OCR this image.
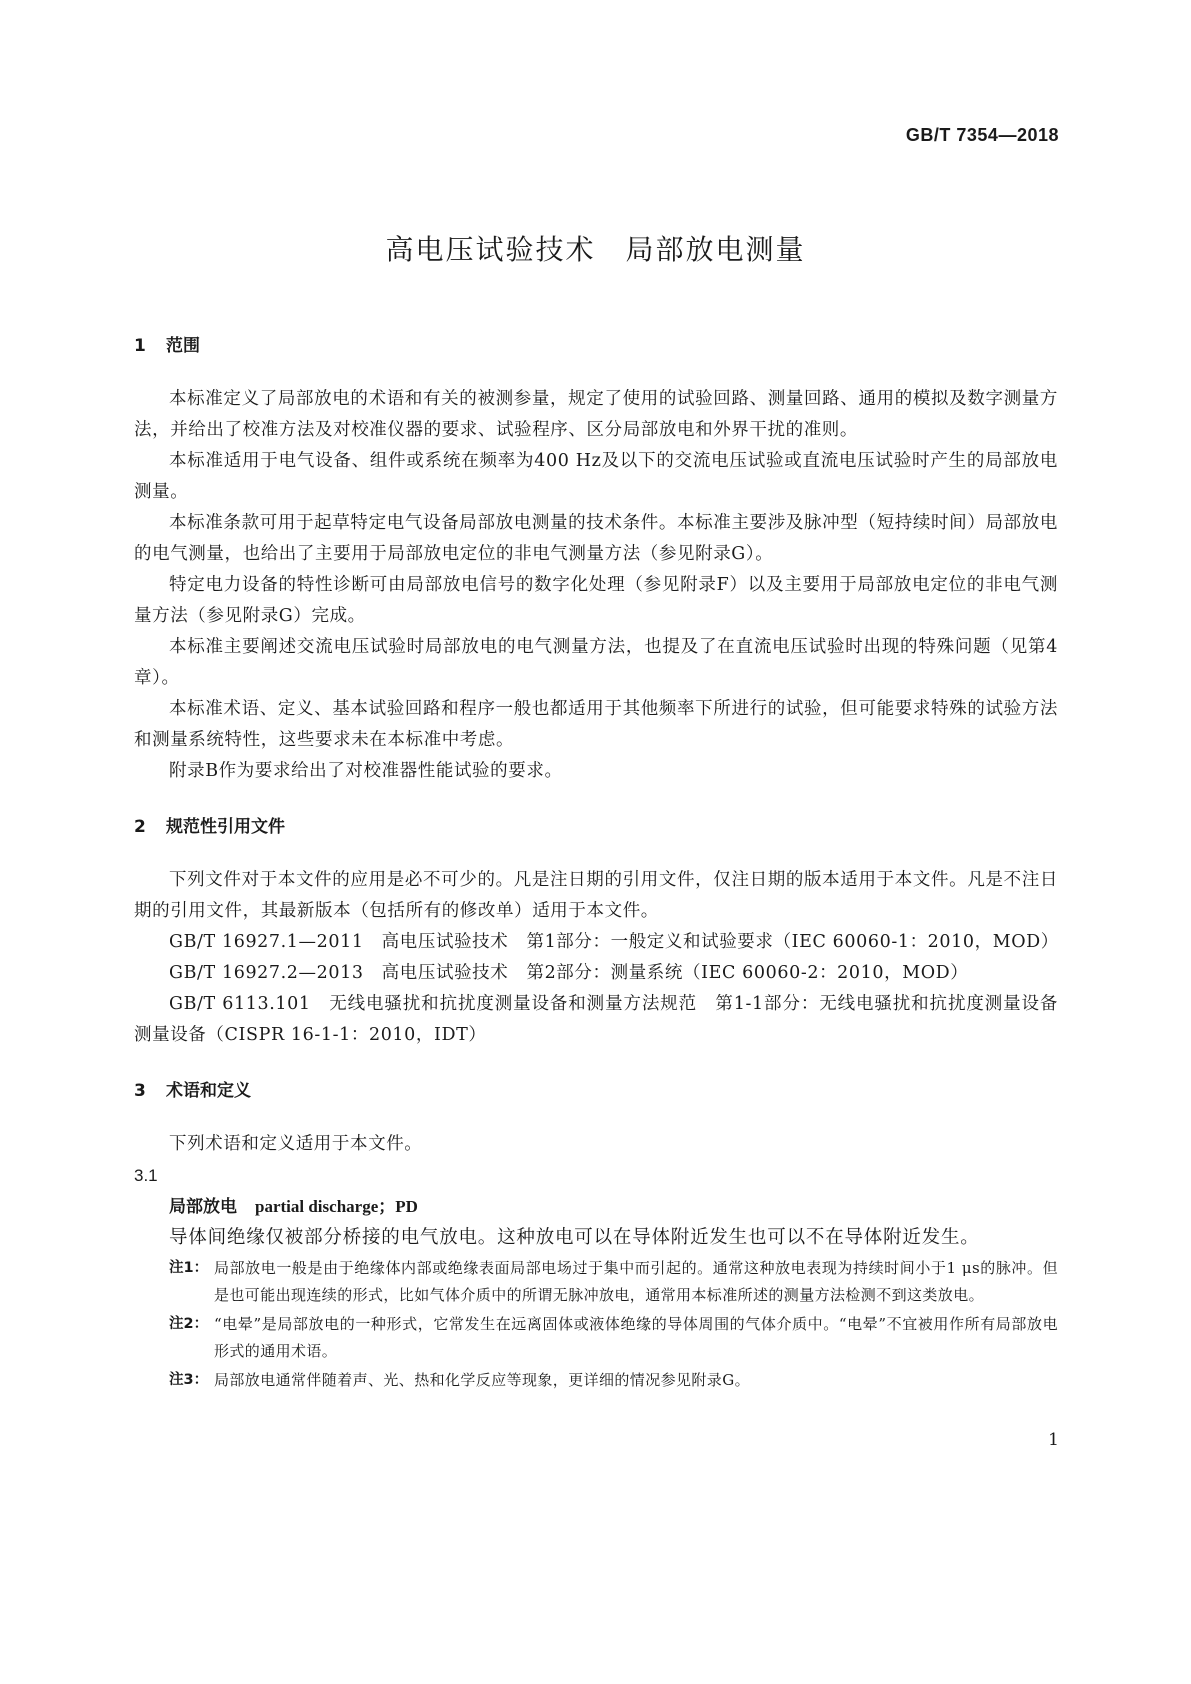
GB/T 7354—2018
高电压试验技术　局部放电测量
1 范围

本标准定义了局部放电的术语和有关的被测参量，规定了使用的试验回路、测量回路、通用的模拟及数字测量方法，并给出了校准方法及对校准仪器的要求、试验程序、区分局部放电和外界干扰的准则。

本标准适用于电气设备、组件或系统在频率为400 Hz及以下的交流电压试验或直流电压试验时产生的局部放电测量。

本标准条款可用于起草特定电气设备局部放电测量的技术条件。本标准主要涉及脉冲型（短持续时间）局部放电的电气测量，也给出了主要用于局部放电定位的非电气测量方法（参见附录G）。

特定电力设备的特性诊断可由局部放电信号的数字化处理（参见附录F）以及主要用于局部放电定位的非电气测量方法（参见附录G）完成。

本标准主要阐述交流电压试验时局部放电的电气测量方法，也提及了在直流电压试验时出现的特殊问题（见第4章）。

本标准术语、定义、基本试验回路和程序一般也都适用于其他频率下所进行的试验，但可能要求特殊的试验方法和测量系统特性，这些要求未在本标准中考虑。

附录B作为要求给出了对校准器性能试验的要求。

2 规范性引用文件

下列文件对于本文件的应用是必不可少的。凡是注日期的引用文件，仅注日期的版本适用于本文件。凡是不注日期的引用文件，其最新版本（包括所有的修改单）适用于本文件。

GB/T 16927.1—2011　高电压试验技术　第1部分：一般定义和试验要求（IEC 60060-1：2010，MOD）

GB/T 16927.2—2013　高电压试验技术　第2部分：测量系统（IEC 60060-2：2010，MOD）

GB/T 6113.101　无线电骚扰和抗扰度测量设备和测量方法规范　第1-1部分：无线电骚扰和抗扰度测量设备　测量设备（CISPR 16-1-1：2010，IDT）

3 术语和定义

下列术语和定义适用于本文件。

3.1
局部放电 partial discharge；PD

导体间绝缘仅被部分桥接的电气放电。这种放电可以在导体附近发生也可以不在导体附近发生。

注1： 局部放电一般是由于绝缘体内部或绝缘表面局部电场过于集中而引起的。通常这种放电表现为持续时间小于1 μs的脉冲。但是也可能出现连续的形式，比如气体介质中的所谓无脉冲放电，通常用本标准所述的测量方法检测不到这类放电。
注2： “电晕”是局部放电的一种形式，它常发生在远离固体或液体绝缘的导体周围的气体介质中。“电晕”不宜被用作所有局部放电形式的通用术语。
注3： 局部放电通常伴随着声、光、热和化学反应等现象，更详细的情况参见附录G。
1
